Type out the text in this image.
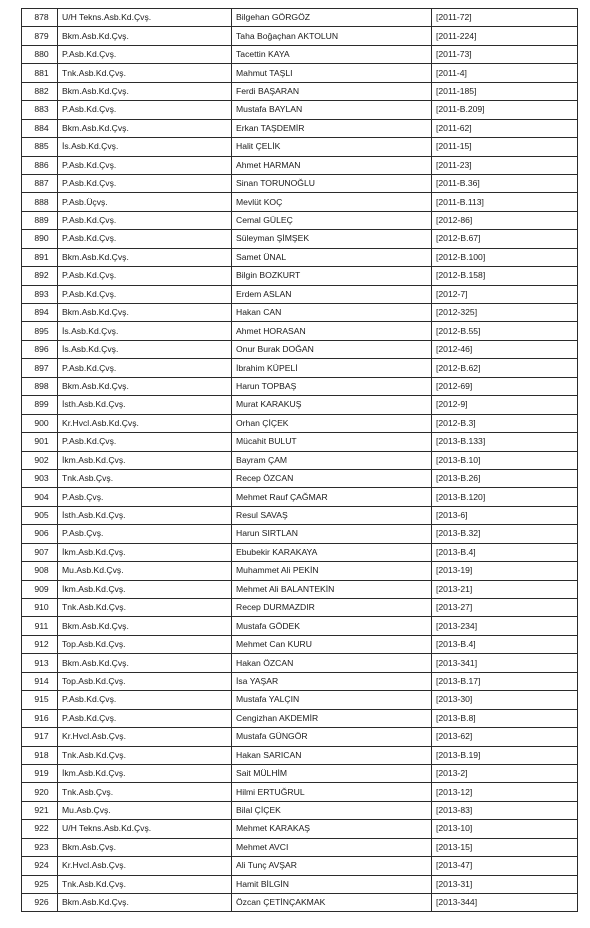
878	U/H Tekns.Asb.Kd.Çvş.	Bilgehan GÖRGÖZ	[2011-72]
879	Bkm.Asb.Kd.Çvş.	Taha Boğaçhan AKTOLUN	[2011-224]
880	P.Asb.Kd.Çvş.	Tacettin KAYA	[2011-73]
881	Tnk.Asb.Kd.Çvş.	Mahmut TAŞLI	[2011-4]
882	Bkm.Asb.Kd.Çvş.	Ferdi BAŞARAN	[2011-185]
883	P.Asb.Kd.Çvş.	Mustafa BAYLAN	[2011-B.209]
884	Bkm.Asb.Kd.Çvş.	Erkan TAŞDEMİR	[2011-62]
885	İs.Asb.Kd.Çvş.	Halit ÇELİK	[2011-15]
886	P.Asb.Kd.Çvş.	Ahmet HARMAN	[2011-23]
887	P.Asb.Kd.Çvş.	Sinan TORUNOĞLU	[2011-B.36]
888	P.Asb.Üçvş.	Mevlüt KOÇ	[2011-B.113]
889	P.Asb.Kd.Çvş.	Cemal GÜLEÇ	[2012-86]
890	P.Asb.Kd.Çvş.	Süleyman ŞİMŞEK	[2012-B.67]
891	Bkm.Asb.Kd.Çvş.	Samet ÜNAL	[2012-B.100]
892	P.Asb.Kd.Çvş.	Bilgin BOZKURT	[2012-B.158]
893	P.Asb.Kd.Çvş.	Erdem ASLAN	[2012-7]
894	Bkm.Asb.Kd.Çvş.	Hakan CAN	[2012-325]
895	İs.Asb.Kd.Çvş.	Ahmet HORASAN	[2012-B.55]
896	İs.Asb.Kd.Çvş.	Onur Burak DOĞAN	[2012-46]
897	P.Asb.Kd.Çvş.	İbrahim KÜPELİ	[2012-B.62]
898	Bkm.Asb.Kd.Çvş.	Harun TOPBAŞ	[2012-69]
899	İsth.Asb.Kd.Çvş.	Murat KARAKUŞ	[2012-9]
900	Kr.Hvcl.Asb.Kd.Çvş.	Orhan ÇİÇEK	[2012-B.3]
901	P.Asb.Kd.Çvş.	Mücahit BULUT	[2013-B.133]
902	İkm.Asb.Kd.Çvş.	Bayram ÇAM	[2013-B.10]
903	Tnk.Asb.Çvş.	Recep ÖZCAN	[2013-B.26]
904	P.Asb.Çvş.	Mehmet Rauf ÇAĞMAR	[2013-B.120]
905	İsth.Asb.Kd.Çvş.	Resul SAVAŞ	[2013-6]
906	P.Asb.Çvş.	Harun SIRTLAN	[2013-B.32]
907	İkm.Asb.Kd.Çvş.	Ebubekir KARAKAYA	[2013-B.4]
908	Mu.Asb.Kd.Çvş.	Muhammet Ali PEKİN	[2013-19]
909	İkm.Asb.Kd.Çvş.	Mehmet Ali BALANTEKİN	[2013-21]
910	Tnk.Asb.Kd.Çvş.	Recep DURMAZDIR	[2013-27]
911	Bkm.Asb.Kd.Çvş.	Mustafa GÖDEK	[2013-234]
912	Top.Asb.Kd.Çvş.	Mehmet Can KURU	[2013-B.4]
913	Bkm.Asb.Kd.Çvş.	Hakan ÖZCAN	[2013-341]
914	Top.Asb.Kd.Çvş.	İsa YAŞAR	[2013-B.17]
915	P.Asb.Kd.Çvş.	Mustafa YALÇIN	[2013-30]
916	P.Asb.Kd.Çvş.	Cengizhan AKDEMİR	[2013-B.8]
917	Kr.Hvcl.Asb.Çvş.	Mustafa GÜNGÖR	[2013-62]
918	Tnk.Asb.Kd.Çvş.	Hakan SARICAN	[2013-B.19]
919	İkm.Asb.Kd.Çvş.	Sait MÜLHİM	[2013-2]
920	Tnk.Asb.Çvş.	Hilmi ERTUĞRUL	[2013-12]
921	Mu.Asb.Çvş.	Bilal ÇİÇEK	[2013-83]
922	U/H Tekns.Asb.Kd.Çvş.	Mehmet KARAKAŞ	[2013-10]
923	Bkm.Asb.Çvş.	Mehmet AVCI	[2013-15]
924	Kr.Hvcl.Asb.Çvş.	Ali Tunç AVŞAR	[2013-47]
925	Tnk.Asb.Kd.Çvş.	Hamit BİLGİN	[2013-31]
926	Bkm.Asb.Kd.Çvş.	Özcan ÇETİNÇAKMAK	[2013-344]
